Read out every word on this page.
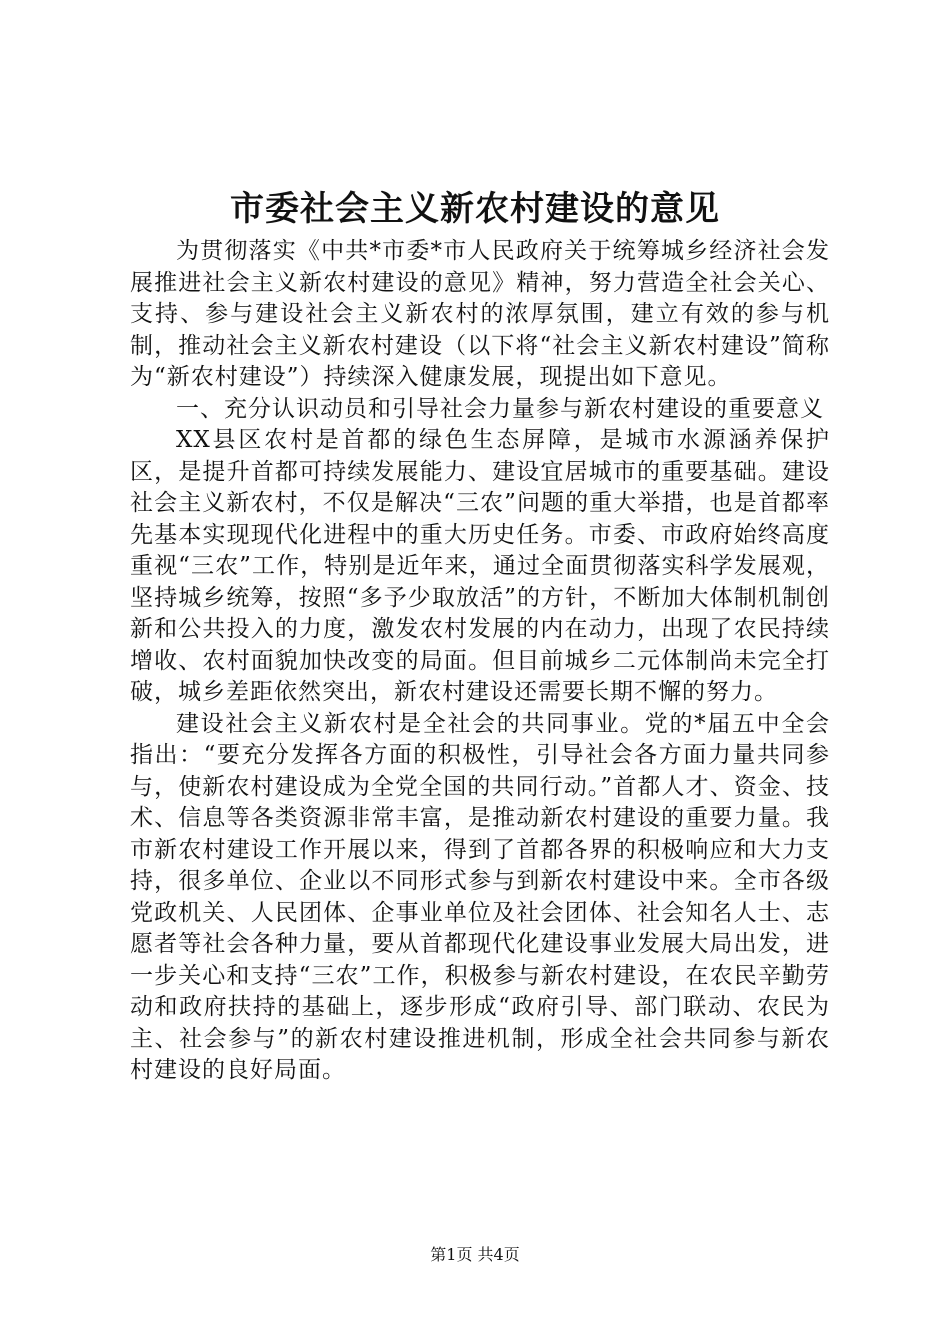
市委社会主义新农村建设的意见

为贯彻落实《中共*市委*市人民政府关于统筹城乡经济社会发展推进社会主义新农村建设的意见》精神，努力营造全社会关心、支持、参与建设社会主义新农村的浓厚氛围，建立有效的参与机制，推动社会主义新农村建设（以下将“社会主义新农村建设”简称为“新农村建设”）持续深入健康发展，现提出如下意见。

一、充分认识动员和引导社会力量参与新农村建设的重要意义

XX县区农村是首都的绿色生态屏障，是城市水源涵养保护区，是提升首都可持续发展能力、建设宜居城市的重要基础。建设社会主义新农村，不仅是解决“三农”问题的重大举措，也是首都率先基本实现现代化进程中的重大历史任务。市委、市政府始终高度重视“三农”工作，特别是近年来，通过全面贯彻落实科学发展观，坚持城乡统筹，按照“多予少取放活”的方针，不断加大体制机制创新和公共投入的力度，激发农村发展的内在动力，出现了农民持续增收、农村面貌加快改变的局面。但目前城乡二元体制尚未完全打破，城乡差距依然突出，新农村建设还需要长期不懈的努力。

建设社会主义新农村是全社会的共同事业。党的*届五中全会指出：“要充分发挥各方面的积极性，引导社会各方面力量共同参与，使新农村建设成为全党全国的共同行动。”首都人才、资金、技术、信息等各类资源非常丰富，是推动新农村建设的重要力量。我市新农村建设工作开展以来，得到了首都各界的积极响应和大力支持，很多单位、企业以不同形式参与到新农村建设中来。全市各级党政机关、人民团体、企事业单位及社会团体、社会知名人士、志愿者等社会各种力量，要从首都现代化建设事业发展大局出发，进一步关心和支持“三农”工作，积极参与新农村建设，在农民辛勤劳动和政府扶持的基础上，逐步形成“政府引导、部门联动、农民为主、社会参与”的新农村建设推进机制，形成全社会共同参与新农村建设的良好局面。

第1页 共4页
